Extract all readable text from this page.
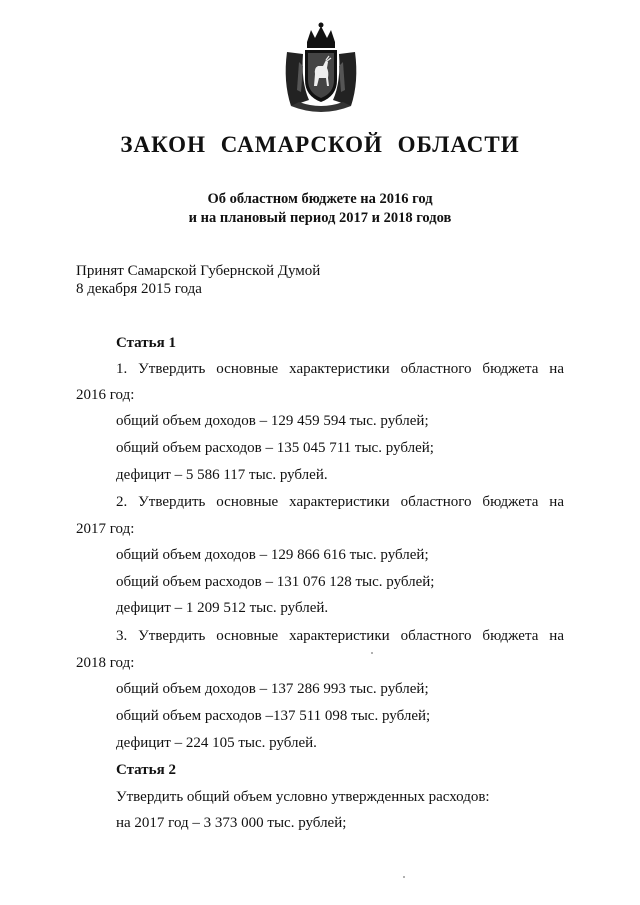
ЗАКОН САМАРСКОЙ ОБЛАСТИ
Об областном бюджете на 2016 год
и на плановый период 2017 и 2018 годов
Принят Самарской Губернской Думой
8 декабря 2015 года
Статья 1
1. Утвердить основные характеристики областного бюджета на
2016 год:
общий объем доходов – 129 459 594 тыс. рублей;
общий объем расходов – 135 045 711 тыс. рублей;
дефицит – 5 586 117 тыс. рублей.
2. Утвердить основные характеристики областного бюджета на
2017 год:
общий объем доходов – 129 866 616 тыс. рублей;
общий объем расходов – 131 076 128 тыс. рублей;
дефицит – 1 209 512 тыс. рублей.
3. Утвердить основные характеристики областного бюджета на
2018 год:
общий объем доходов – 137 286 993 тыс. рублей;
общий объем расходов –137 511 098 тыс. рублей;
дефицит – 224 105 тыс. рублей.
Статья 2
Утвердить общий объем условно утвержденных расходов:
на 2017 год – 3 373 000 тыс. рублей;
